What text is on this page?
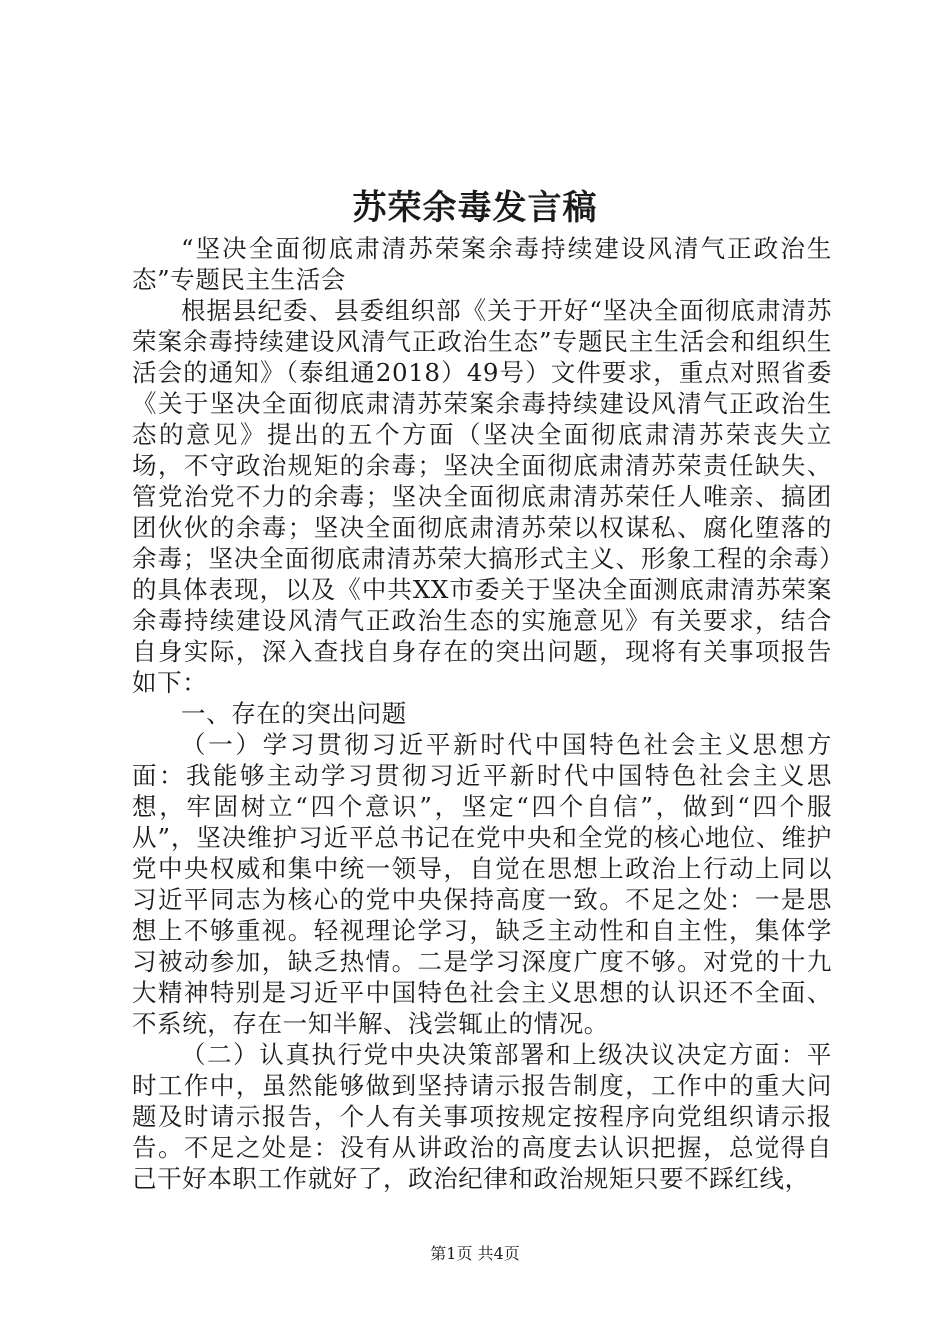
苏荣余毒发言稿

“坚决全面彻底肃清苏荣案余毒持续建设风清气正政治生态”专题民主生活会

根据县纪委、县委组织部《关于开好“坚决全面彻底肃清苏荣案余毒持续建设风清气正政治生态”专题民主生活会和组织生活会的通知》（泰组通2018）49号）文件要求，重点对照省委《关于坚决全面彻底肃清苏荣案余毒持续建设风清气正政治生态的意见》提出的五个方面（坚决全面彻底肃清苏荣丧失立场，不守政治规矩的余毒；坚决全面彻底肃清苏荣责任缺失、管党治党不力的余毒；坚决全面彻底肃清苏荣任人唯亲、搞团团伙伙的余毒；坚决全面彻底肃清苏荣以权谋私、腐化堕落的余毒；坚决全面彻底肃清苏荣大搞形式主义、形象工程的余毒）的具体表现，以及《中共XX市委关于坚决全面测底肃清苏荣案余毒持续建设风清气正政治生态的实施意见》有关要求，结合自身实际，深入查找自身存在的突出问题，现将有关事项报告如下：

一、存在的突出问题

（一）学习贯彻习近平新时代中国特色社会主义思想方面：我能够主动学习贯彻习近平新时代中国特色社会主义思想，牢固树立“四个意识”，坚定“四个自信”，做到“四个服从”，坚决维护习近平总书记在党中央和全党的核心地位、维护党中央权威和集中统一领导，自觉在思想上政治上行动上同以习近平同志为核心的党中央保持高度一致。不足之处：一是思想上不够重视。轻视理论学习，缺乏主动性和自主性，集体学习被动参加，缺乏热情。二是学习深度广度不够。对党的十九大精神特别是习近平中国特色社会主义思想的认识还不全面、不系统，存在一知半解、浅尝辄止的情况。

（二）认真执行党中央决策部署和上级决议决定方面：平时工作中，虽然能够做到坚持请示报告制度，工作中的重大问题及时请示报告，个人有关事项按规定按程序向党组织请示报告。不足之处是：没有从讲政治的高度去认识把握，总觉得自己干好本职工作就好了，政治纪律和政治规矩只要不踩红线，

第1页 共4页
